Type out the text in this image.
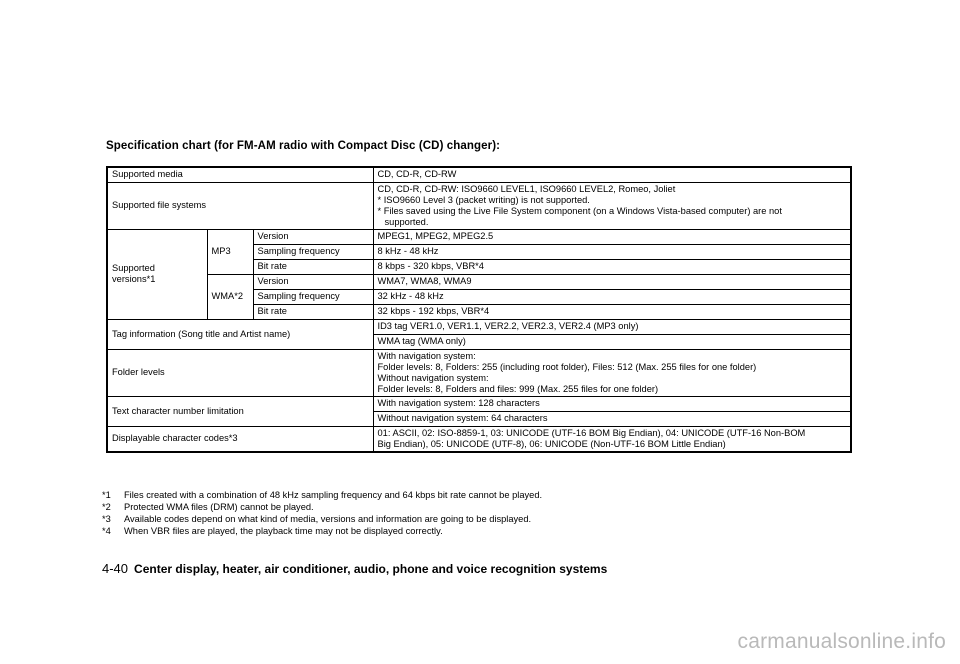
Specification chart (for FM-AM radio with Compact Disc (CD) changer):
Supported media			CD, CD-R, CD-RW
Supported file systems			CD, CD-R, CD-RW: ISO9660 LEVEL1, ISO9660 LEVEL2, Romeo, Joliet
* ISO9660 Level 3 (packet writing) is not supported.
* Files saved using the Live File System component (on a Windows Vista-based computer) are not
supported.

Supported
versions*1	MP3	Version	MPEG1, MPEG2, MPEG2.5
		Sampling frequency	8 kHz - 48 kHz
		Bit rate	8 kbps - 320 kbps, VBR*4
	WMA*2	Version	WMA7, WMA8, WMA9
		Sampling frequency	32 kHz - 48 kHz
		Bit rate	32 kbps - 192 kbps, VBR*4
Tag information (Song title and Artist name)			ID3 tag VER1.0, VER1.1, VER2.2, VER2.3, VER2.4 (MP3 only)
			WMA tag (WMA only)
Folder levels			With navigation system:
Folder levels: 8, Folders: 255 (including root folder), Files: 512 (Max. 255 files for one folder)
Without navigation system:
Folder levels: 8, Folders and files: 999 (Max. 255 files for one folder)

Text character number limitation			With navigation system: 128 characters
			Without navigation system: 64 characters
Displayable character codes*3			01: ASCII, 02: ISO-8859-1, 03: UNICODE (UTF-16 BOM Big Endian), 04: UNICODE (UTF-16 Non-BOM
Big Endian), 05: UNICODE (UTF-8), 06: UNICODE (Non-UTF-16 BOM Little Endian)
*1	Files created with a combination of 48 kHz sampling frequency and 64 kbps bit rate cannot be played.
*2	Protected WMA files (DRM) cannot be played.
*3	Available codes depend on what kind of media, versions and information are going to be displayed.
*4	When VBR files are played, the playback time may not be displayed correctly.
4-40 Center display, heater, air conditioner, audio, phone and voice recognition systems
carmanualsonline.info
